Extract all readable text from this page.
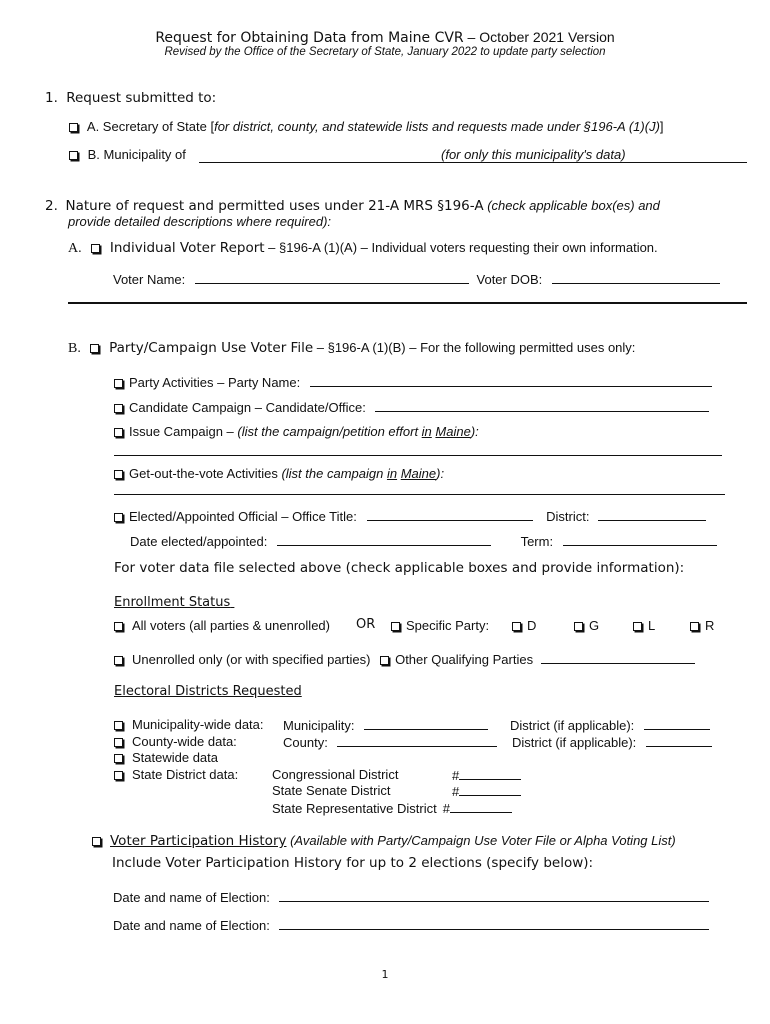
Request for Obtaining Data from Maine CVR – October 2021 Version
Revised by the Office of the Secretary of State, January 2022 to update party selection
1. Request submitted to:
A. Secretary of State [for district, county, and statewide lists and requests made under §196-A (1)(J)]
B. Municipality of	(for only this municipality's data)
2. Nature of request and permitted uses under 21-A MRS §196-A (check applicable box(es) and
provide detailed descriptions where required):
A. Individual Voter Report – §196-A (1)(A) – Individual voters requesting their own information.
Voter Name:	Voter DOB:
B. Party/Campaign Use Voter File – §196-A (1)(B) – For the following permitted uses only:
Party Activities – Party Name:
Candidate Campaign – Candidate/Office:
Issue Campaign – (list the campaign/petition effort in Maine):
Get-out-the-vote Activities (list the campaign in Maine):
Elected/Appointed Official – Office Title:	District:
Date elected/appointed:	Term:
For voter data file selected above (check applicable boxes and provide information):
Enrollment Status
All voters (all parties & unenrolled) OR	Specific Party:	D	G	L	R
Unenrolled only (or with specified parties) Other Qualifying Parties
Electoral Districts Requested
Municipality-wide data: Municipality:	District (if applicable):
County-wide data:	County:	District (if applicable):
Statewide data
State District data:	Congressional District	#
State Senate District	#
State Representative District #
Voter Participation History (Available with Party/Campaign Use Voter File or Alpha Voting List)
Include Voter Participation History for up to 2 elections (specify below):
Date and name of Election:
Date and name of Election:
1
